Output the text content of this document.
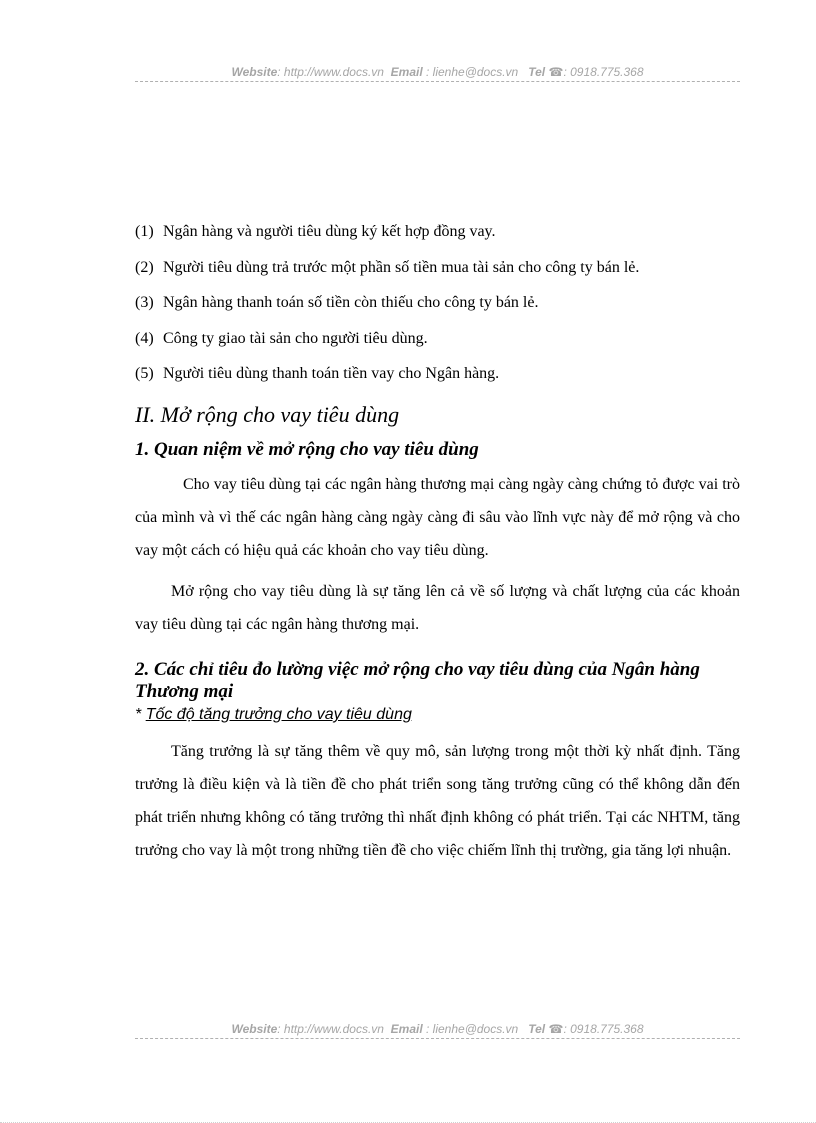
Website: http://www.docs.vn Email : lienhe@docs.vn Tel ☎: 0918.775.368
(1) Ngân hàng và người tiêu dùng ký kết hợp đồng vay.
(2) Người tiêu dùng trả trước một phần số tiền mua tài sản cho công ty bán lẻ.
(3) Ngân hàng thanh toán số tiền còn thiếu cho công ty bán lẻ.
(4) Công ty giao tài sản cho người tiêu dùng.
(5) Người tiêu dùng thanh toán tiền vay cho Ngân hàng.
II. Mở rộng cho vay tiêu dùng
1. Quan niệm về mở rộng cho vay tiêu dùng

Cho vay tiêu dùng tại các ngân hàng thương mại càng ngày càng chứng tỏ được vai trò của mình và vì thế các ngân hàng càng ngày càng đi sâu vào lĩnh vực này để mở rộng và cho vay một cách có hiệu quả các khoản cho vay tiêu dùng.

Mở rộng cho vay tiêu dùng là sự tăng lên cả về số lượng và chất lượng của các khoản vay tiêu dùng tại các ngân hàng thương mại.

2. Các chỉ tiêu đo lường việc mở rộng cho vay tiêu dùng của Ngân hàng Thương mại
* Tốc độ tăng trưởng cho vay tiêu dùng

Tăng trưởng là sự tăng thêm về quy mô, sản lượng trong một thời kỳ nhất định. Tăng trưởng là điều kiện và là tiền đề cho phát triển song tăng trưởng cũng có thể không dẫn đến phát triển nhưng không có tăng trưởng thì nhất định không có phát triển. Tại các NHTM, tăng trưởng cho vay là một trong những tiền đề cho việc chiếm lĩnh thị trường, gia tăng lợi nhuận.

Website: http://www.docs.vn Email : lienhe@docs.vn Tel ☎: 0918.775.368
